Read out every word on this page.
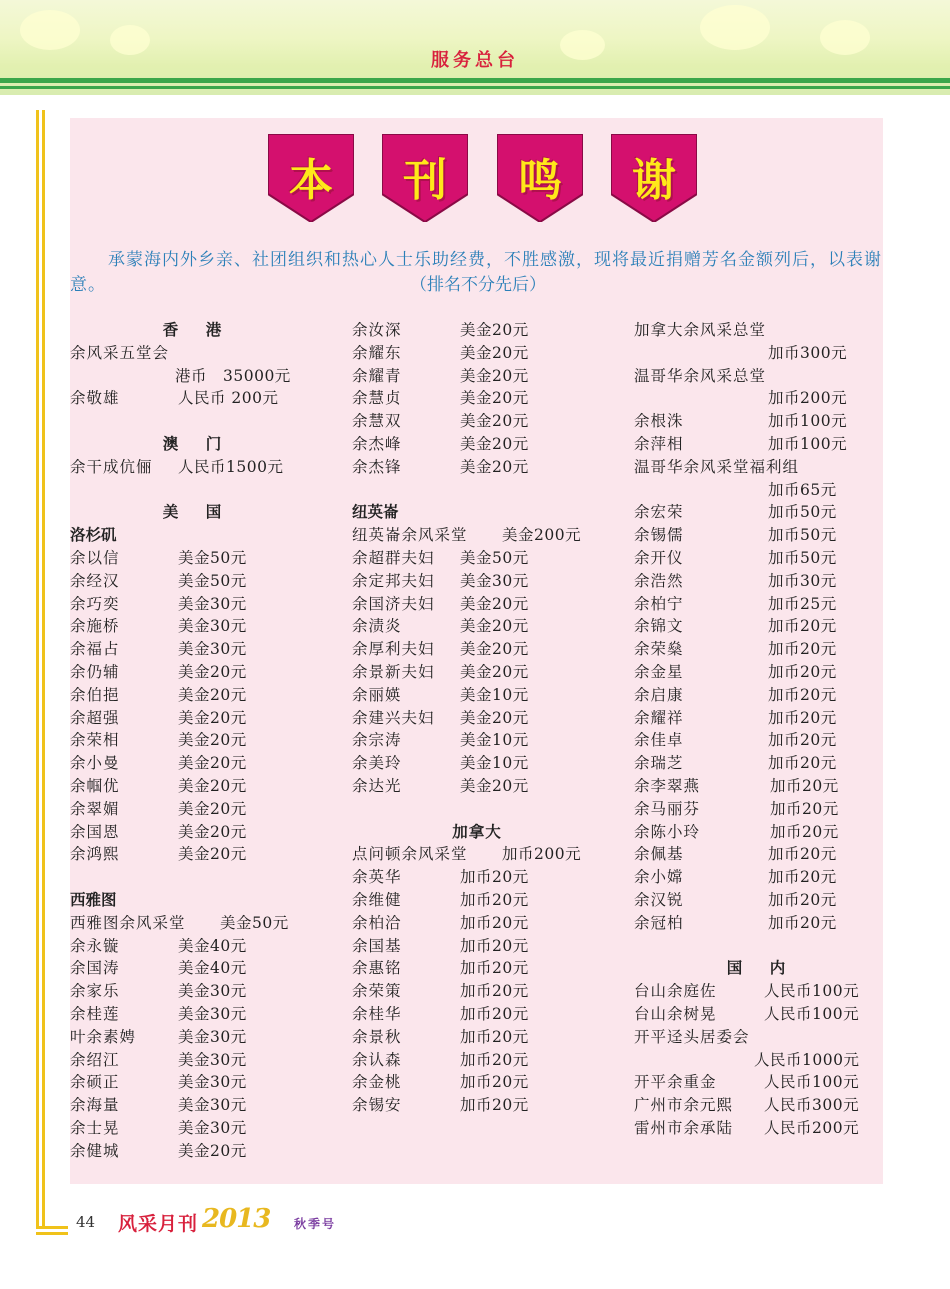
服务总台
本	刊	鸣	谢
承蒙海内外乡亲、社团组织和热心人士乐助经费，不胜感激，现将最近捐赠芳名金额列后，以表谢意。	（排名不分先后）
香　港
余风采五堂会
港币　35000元
余敬雄	人民币 200元
澳　门
余干成伉俪 人民币1500元
美　国
洛杉矶
余以信	美金50元
余经汉	美金50元
余巧奕	美金30元
余施桥	美金30元
余福占	美金30元
余仍辅	美金20元
余伯挹	美金20元
余超强	美金20元
余荣相	美金20元
余小曼	美金20元
余帼优	美金20元
余翠媚	美金20元
余国恩	美金20元
余鸿熙	美金20元
西雅图
西雅图余风采堂 美金50元
余永镟	美金40元
余国涛	美金40元
余家乐	美金30元
余桂莲	美金30元
叶余素娉	美金30元
余绍江	美金30元
余硕正	美金30元
余海量	美金30元
余士晃	美金30元
余健城	美金20元
余汝深	美金20元
余耀东	美金20元
余耀青	美金20元
余慧贞	美金20元
余慧双	美金20元
余杰峰	美金20元
余杰锋	美金20元
纽英崙
纽英崙余风采堂 美金200元
余超群夫妇 美金50元
余定邦夫妇 美金30元
余国济夫妇 美金20元
余渍炎	美金20元
余厚利夫妇 美金20元
余景新夫妇 美金20元
余丽媖	美金10元
余建兴夫妇 美金20元
余宗涛	美金10元
余美玲	美金10元
余达光	美金20元
加拿大
点问顿余风采堂 加币200元
余英华	加币20元
余维健	加币20元
余柏洽	加币20元
余国基	加币20元
余惠铭	加币20元
余荣策	加币20元
余桂华	加币20元
余景秋	加币20元
余认森	加币20元
余金桃	加币20元
余锡安	加币20元
加拿大余风采总堂
加币300元
温哥华余风采总堂
加币200元
余根洙	加币100元
余萍相	加币100元
温哥华余风采堂福利组
加币65元
余宏荣	加币50元
余锡儒	加币50元
余开仪	加币50元
余浩然	加币30元
余柏宁	加币25元
余锦文	加币20元
余荣燊	加币20元
余金星	加币20元
余启康	加币20元
余耀祥	加币20元
余佳卓	加币20元
余瑞芝	加币20元
余李翠燕	加币20元
余马丽芬	加币20元
余陈小玲	加币20元
余佩基	加币20元
余小嫦	加币20元
余汉锐	加币20元
余冠柏	加币20元
国　内
台山余庭佐	人民币100元
台山余树晃	人民币100元
开平迳头居委会
人民币1000元
开平余重金	人民币100元
广州市余元熙 人民币300元
雷州市余承陆 人民币200元
44 风采月刊 2013 秋季号
